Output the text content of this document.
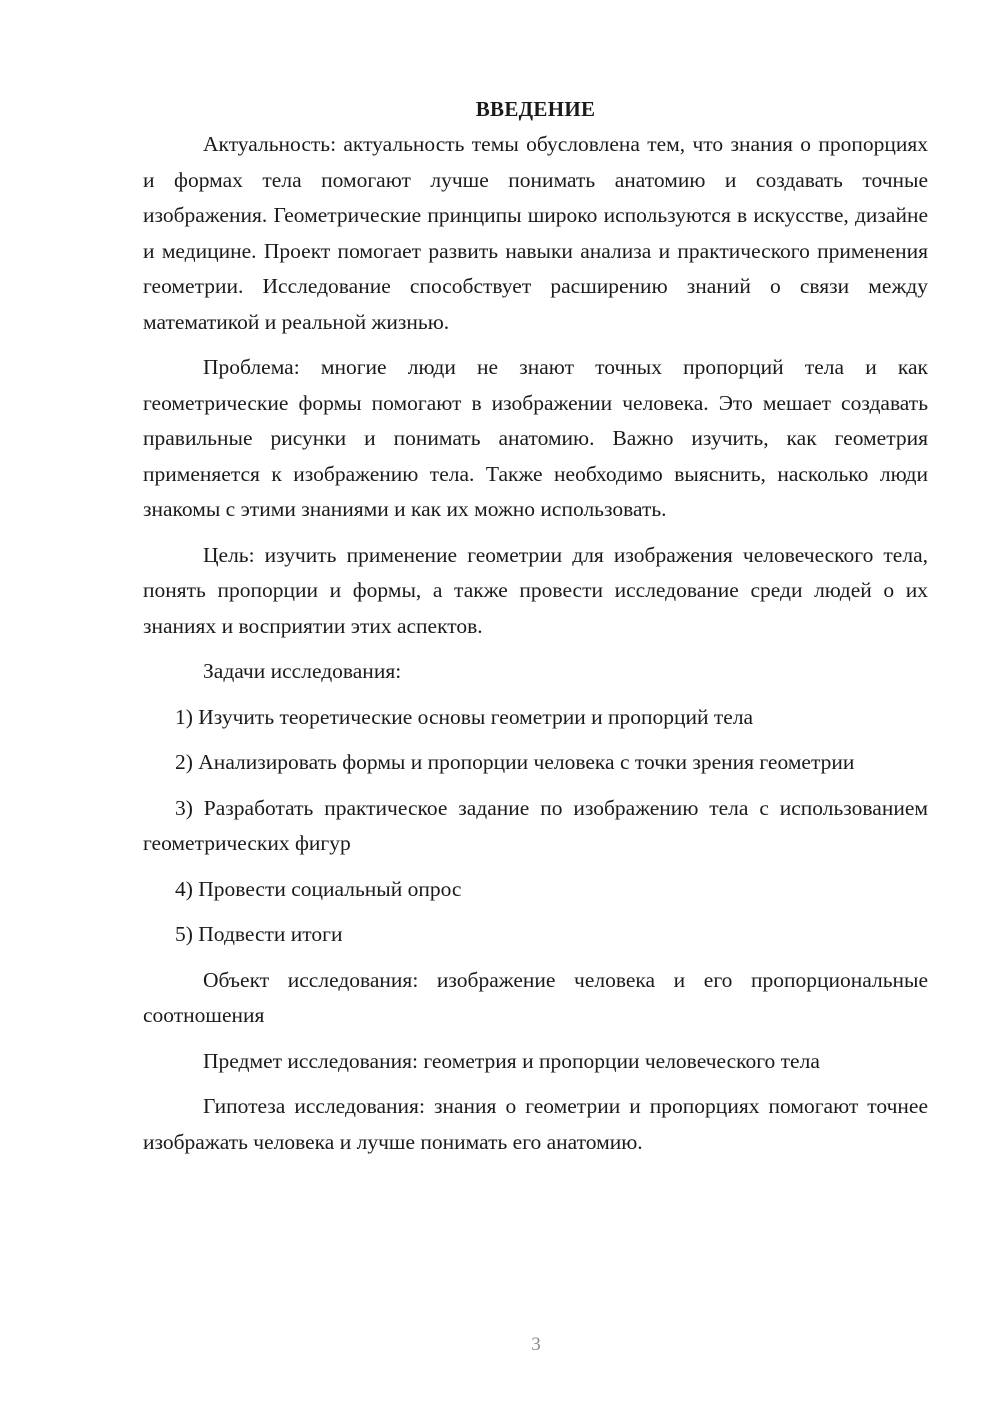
ВВЕДЕНИЕ

Актуальность: актуальность темы обусловлена тем, что знания о пропорциях и формах тела помогают лучше понимать анатомию и создавать точные изображения. Геометрические принципы широко используются в искусстве, дизайне и медицине. Проект помогает развить навыки анализа и практического применения геометрии. Исследование способствует расширению знаний о связи между математикой и реальной жизнью.

Проблема: многие люди не знают точных пропорций тела и как геометрические формы помогают в изображении человека. Это мешает создавать правильные рисунки и понимать анатомию. Важно изучить, как геометрия применяется к изображению тела. Также необходимо выяснить, насколько люди знакомы с этими знаниями и как их можно использовать.

Цель: изучить применение геометрии для изображения человеческого тела, понять пропорции и формы, а также провести исследование среди людей о их знаниях и восприятии этих аспектов.

Задачи исследования:

1) Изучить теоретические основы геометрии и пропорций тела

2) Анализировать формы и пропорции человека с точки зрения геометрии

3) Разработать практическое задание по изображению тела с использованием геометрических фигур

4) Провести социальный опрос

5) Подвести итоги

Объект исследования: изображение человека и его пропорциональные соотношения

Предмет исследования: геометрия и пропорции человеческого тела

Гипотеза исследования: знания о геометрии и пропорциях помогают точнее изображать человека и лучше понимать его анатомию.

3
